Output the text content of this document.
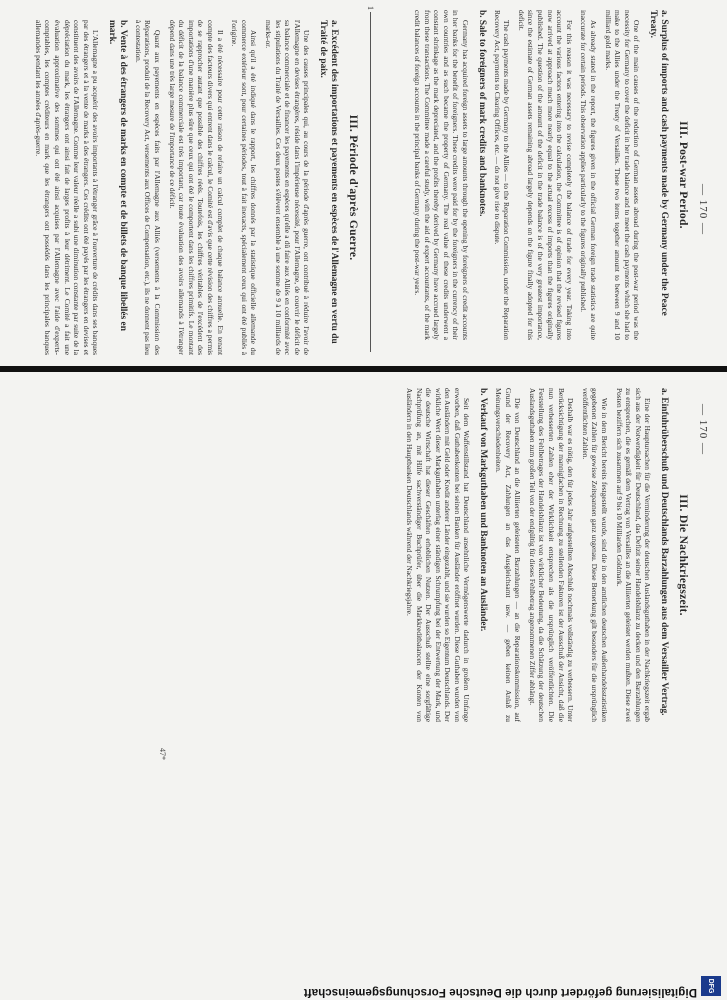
— 170 —
1
III. Post-war Period.
a. Surplus of imports and cash payments made by Germany under the Peace Treaty.

One of the main causes of the reduction of German assets abroad during the post-war period was the necessity for Germany to cover the deficit in her trade balance and to meet the cash payments which she had to make to the Allies under the Treaty of Versailles. These two items together amount to between 9 and 10 milliard gold marks.

As already stated in the report, the figures given in the official German foreign trade statistics are quite inaccurate for certain periods. This observation applies particularly to the figures originally published.

For this reason it was necessary to revise completely the balance of trade for every year. Taking into account the various factors entering into the calculation, the Committee is of opinion that the revised figures now arrived at approach much more nearly equal to the actual excess of imports than the figures originally published. The question of the amount of the deficit in the trade balance is of the very greatest importance, since the estimate of German assets remaining abroad largely depends on the figure finally adopted for this deficit.

The cash payments made by Germany to the Allies — to the Reparation Commission, under the Reparation Recovery Act, payments to Clearing Offices, etc. — do not give rise to dispute.

b. Sale to foreigners of mark credits and banknotes.

Germany has acquired foreign assets to large amounts through the opening by foreigners of credit accounts in her banks for the benefit of foreigners. These credits were paid for by the foreigners in the currency of their own countries and as such became the property of Germany. The real value of these credits underwent a constant shrinkage as the mark depreciated, and the profits thereby derived by Germany have accrued largely from these transactions. The Committee made a careful study, with the aid of expert accountants, of the mark credit balances of foreign accounts in the principal banks of Germany during the post-war years.

III. Période d'après Guerre.
a. Excédent des importations et payements en espèces de l'Allemagne en vertu du Traité de paix.

Une des causes principales qui, au cours de la période d'après guerre, ont contribué à réduire l'avoir de l'Allemagne en devises étrangères, réside dans l'impérieuse nécessité, pour l'Allemagne, de couvrir le déficit de sa balance commerciale et de financer les payements en espèces qu'elle a dû faire aux Alliés en conformité avec les stipulations du Traité de Versailles. Ces deux postes s'élèvent ensemble à une somme de 9 à 10 milliards de marks-or.

Ainsi qu'il a été indiqué dans le rapport, les chiffres donnés par la statistique officielle allemande du commerce extérieur sont, pour certaines périodes, tout à fait inexacts, spécialement ceux qui ont été publiés à l'origine.

Il a été nécessaire pour cette raison de refaire un calcul complet de chaque balance annuelle. En tenant compte des facteurs divers qui entrent dans le calcul, le Comité est d'avis que cette révision des chiffres a permis de se rapprocher autant que possible des chiffres réels. Toutefois, les chiffres véritables de l'excédent des importations d'une manière plus sûre que ceux qui ont été le comportent dans les chiffres primitifs. Le montant du déficit de la balance commerciale est très important, car toute évaluation des avoirs allemands à l'étranger dépend dans une très large mesure de l'importance de ce déficit.

Quant aux payements en espèces faits par l'Allemagne aux Alliés (versements à la Commission des Réparations, produit de la Recovery Act, versements aux Offices de Compensation, etc.), ils ne donnent pas lieu à contestation.

b. Vente à des étrangers de marks en compte et de billets de banque libellés en mark.

L'Allemagne a pu acquérir des avoirs importants à l'étranger grâce à l'ouverture de crédits dans ses banques par des étrangers et à la vente de marks à des étrangers. Ces crédits ont été payés par les étrangers en devises et constituent des avoirs de l'Allemagne. Comme leur valeur réelle a subi une diminution constante par suite de la dépréciation du mark, les étrangers ont ainsi fait de larges profits à leur détriment. Le Comité a fait une évaluation approximative des sommes qui ont été ainsi acquises par l'Allemagne avec l'aide d'experts-comptables, les comptes créditeurs en mark que les étrangers ont possédés dans les principales banques allemandes pendant les années d'après-guerre.

— 170 —
III. Die Nachkriegszeit.
a. Einfuhrüberschuß und Deutschlands Barzahlungen aus dem Versailler Vertrag.

Eine der Hauptursachen für die Verminderung der deutschen Auslandsguthaben in der Nachkriegszeit ergab sich aus der Notwendigkeit für Deutschland, das Defizit seiner Handelsbilanz zu decken und den Barzahlungen zu entsprechen, die es gemäß dem Vertrag von Versailles an die Alliierten geleistet werden mußten. Diese zwei Posten beziffern sich zusammen auf 9 bis 10 Milliarden Goldmark.

Wie in dem Bericht bereits festgestellt wurde, sind die in den amtlichen deutschen Außenhandelsstatistiken gegebenen Zahlen für gewisse Zeitspannen ganz ungenau. Diese Bemerkung gilt besonders für die ursprünglich veröffentlichten Zahlen.

Deshalb war es nötig, den für jedes Jahr aufgestellten Abschluß nochmals vollständig zu verbessern. Unter Berücksichtigung der mannigfachen in Rechnung zu stellenden Faktoren ist der Ausschuß der Ansicht, daß die nun verbesserten Zahlen eher der Wirklichkeit entsprechen als die ursprünglich veröffentlichten. Die Feststellung des Fehlbetrages der Handelsbilanz ist von wirklicher Bedeutung, da die Schätzung der deutschen Auslandsguthaben zum großen Teil von der endgültig für dieses Fehlbetrag angenommenen Ziffer abhängt.

Die von Deutschland an die Alliierten geleisteten Barzahlungen — an die Reparationskommission, auf Grund der Recovery Act, Zahlungen an das Ausgleichsamt usw. — geben keinen Anlaß zu Meinungsverschiedenheiten.

b. Verkauf von Markguthaben und Banknoten an Ausländer.

Seit dem Waffenstillstand hat Deutschland ansehnliche Vermögenswerte dadurch in großem Umfange erworben, daß Guthabenkonten bei seinen Banken für Ausländer eröffnet wurden. Diese Guthaben wurden von den Ausländern mit Geld oder Kredit anderer Länder eingezahlt, und sie wurden so Eigentum Deutschlands. Der wirkliche Wert dieser Markguthaben unterlag einer ständigen Schrumpfung bei der Entwertung der Mark, und die deutsche Wirtschaft hat dieser Geschäften erheblichen Nutzen. Der Ausschuß stellte eine sorgfältige Nachprüfung an, mit Hilfe sachverständiger Buchprüfer, über die Markkreditbalancen der Konten von Ausländern in den Hauptbanken Deutschlands während der Nachkriegsjahre.

47*
DFG
Digitalisierung gefördert durch die Deutsche Forschungsgemeinschaft
